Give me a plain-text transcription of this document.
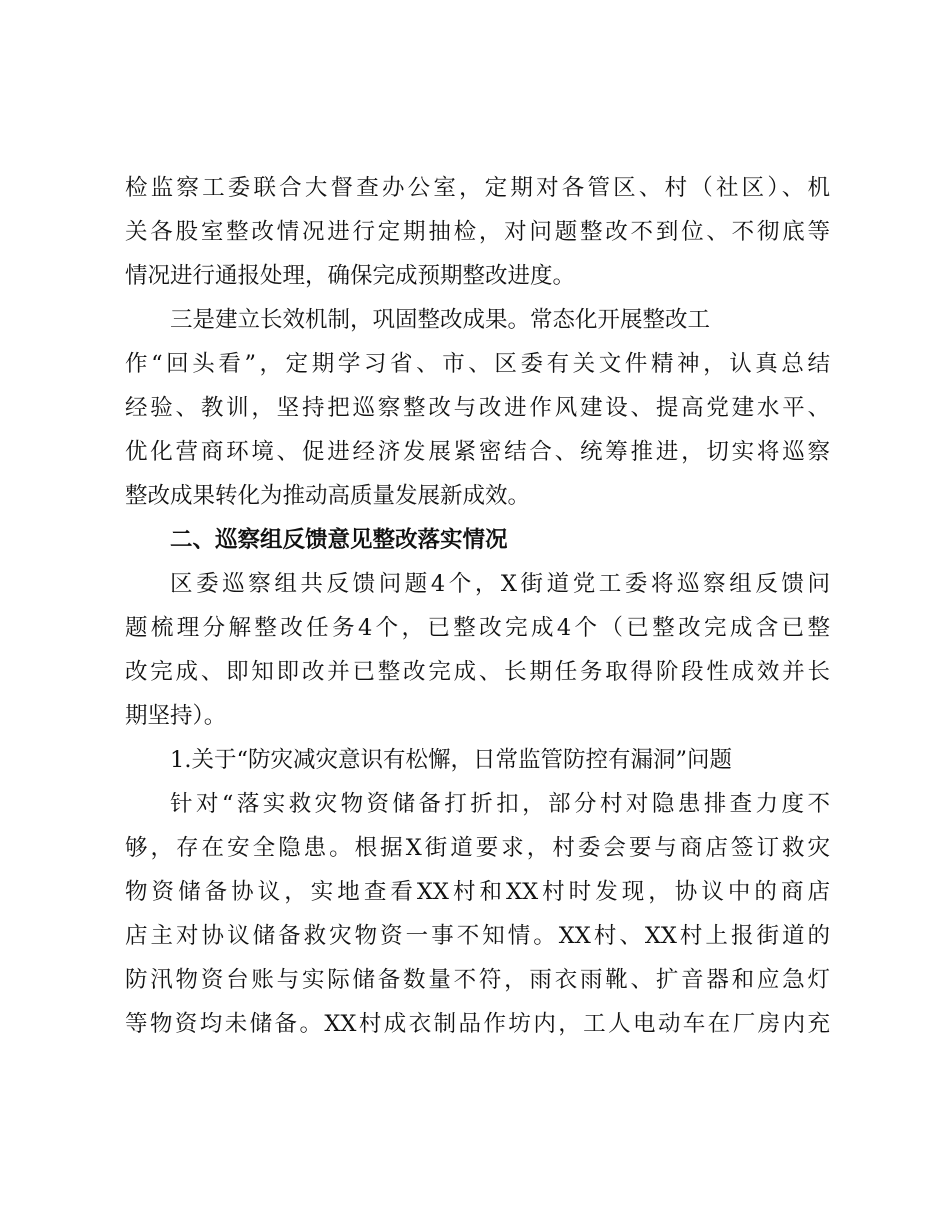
检监察工委联合大督查办公室，定期对各管区、村（社区）、机
关各股室整改情况进行定期抽检，对问题整改不到位、不彻底等
情况进行通报处理，确保完成预期整改进度。
三是建立长效机制，巩固整改成果。常态化开展整改工
作“回头看”，定期学习省、市、区委有关文件精神，认真总结
经验、教训，坚持把巡察整改与改进作风建设、提高党建水平、
优化营商环境、促进经济发展紧密结合、统筹推进，切实将巡察
整改成果转化为推动高质量发展新成效。
二、巡察组反馈意见整改落实情况
区委巡察组共反馈问题4个，X街道党工委将巡察组反馈问
题梳理分解整改任务4个，已整改完成4个（已整改完成含已整
改完成、即知即改并已整改完成、长期任务取得阶段性成效并长
期坚持）。
1.关于“防灾减灾意识有松懈，日常监管防控有漏洞”问题
针对“落实救灾物资储备打折扣，部分村对隐患排查力度不
够，存在安全隐患。根据X街道要求，村委会要与商店签订救灾
物资储备协议，实地查看XX村和XX村时发现，协议中的商店
店主对协议储备救灾物资一事不知情。XX村、XX村上报街道的
防汛物资台账与实际储备数量不符，雨衣雨靴、扩音器和应急灯
等物资均未储备。XX村成衣制品作坊内，工人电动车在厂房内充
